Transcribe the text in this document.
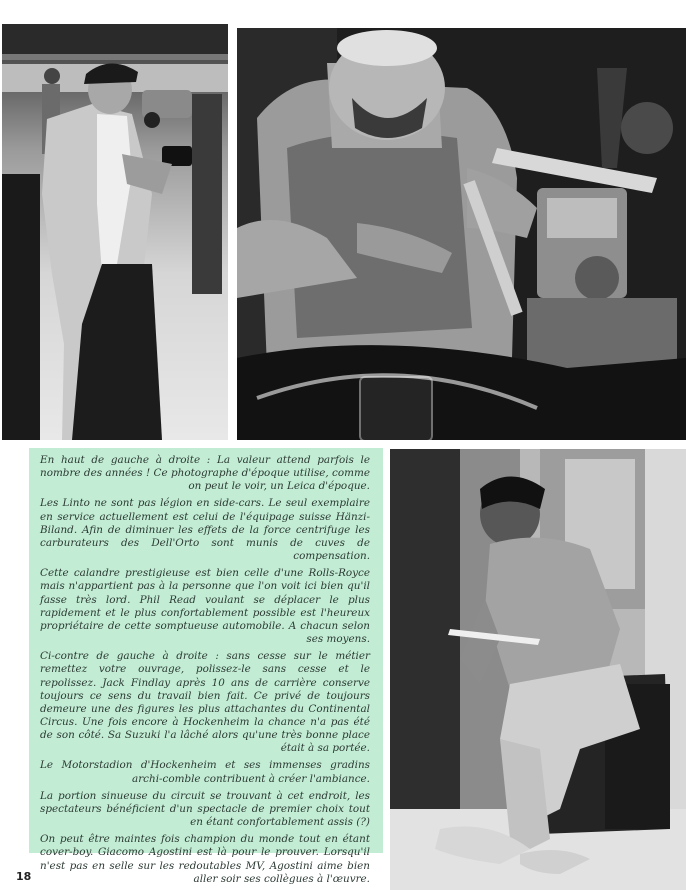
En haut de gauche à droite : La valeur attend parfois le nombre des années ! Ce photographe d'époque utilise, comme on peut le voir, un Leica d'époque.

Les Linto ne sont pas légion en side-cars. Le seul exemplaire en service actuellement est celui de l'équipage suisse Hänzi-Biland. Afin de diminuer les effets de la force centrifuge les carburateurs des Dell'Orto sont munis de cuves de compensation.

Cette calandre prestigieuse est bien celle d'une Rolls-Royce mais n'appartient pas à la personne que l'on voit ici bien qu'il fasse très lord. Phil Read voulant se déplacer le plus rapidement et le plus confortablement possible est l'heureux propriétaire de cette somptueuse automobile. A chacun selon ses moyens.

Ci-contre de gauche à droite : sans cesse sur le métier remettez votre ouvrage, polissez-le sans cesse et le repolissez. Jack Findlay après 10 ans de carrière conserve toujours ce sens du travail bien fait. Ce privé de toujours demeure une des figures les plus attachantes du Continental Circus. Une fois encore à Hockenheim la chance n'a pas été de son côté. Sa Suzuki l'a lâché alors qu'une très bonne place était à sa portée.

Le Motorstadion d'Hockenheim et ses immenses gradins archi-comble contribuent à créer l'ambiance.

La portion sinueuse du circuit se trouvant à cet endroit, les spectateurs bénéficient d'un spectacle de premier choix tout en étant confortablement assis (?)

On peut être maintes fois champion du monde tout en étant cover-boy. Giacomo Agostini est là pour le prouver. Lorsqu'il n'est pas en selle sur les redoutables MV, Agostini aime bien aller soir ses collègues à l'œuvre.

18
